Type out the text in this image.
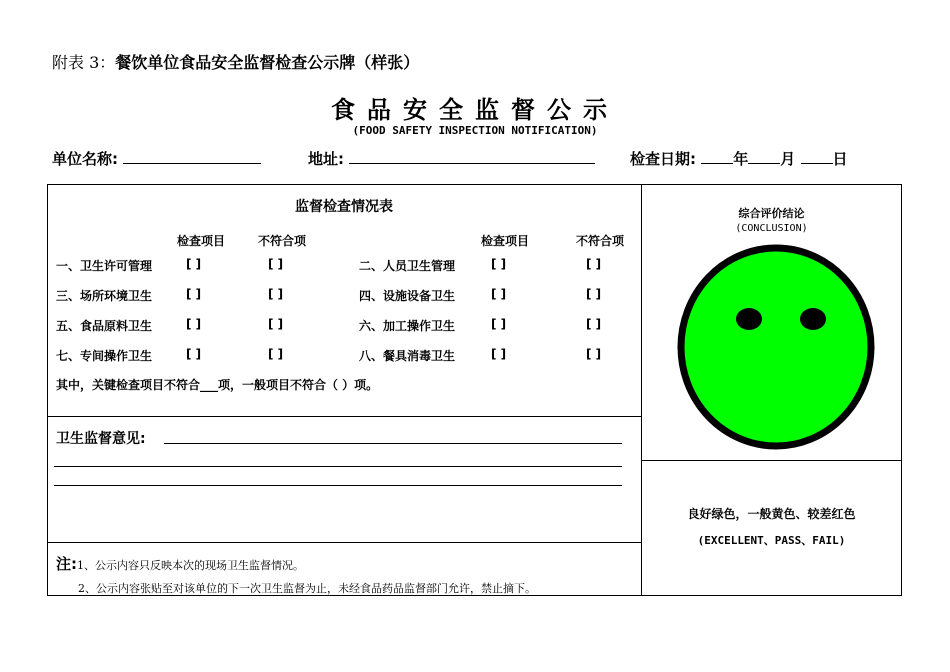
附表 3：餐饮单位食品安全监督检查公示牌（样张）
食品安全监督公示
(FOOD SAFETY INSPECTION NOTIFICATION)
单位名称:	地址:	检查日期: 年 月 日
监督检查情况表
检查项目	不符合项	检查项目	不符合项
一、卫生许可管理	[ ]	[ ]	二、人员卫生管理	[ ]	[ ]
三、场所环境卫生	[ ]	[ ]	四、设施设备卫生	[ ]	[ ]
五、食品原料卫生	[ ]	[ ]	六、加工操作卫生	[ ]	[ ]
七、专间操作卫生	[ ]	[ ]	八、餐具消毒卫生	[ ]	[ ]
其中，关键检查项目不符合___项，一般项目不符合（ ）项。
卫生监督意见:
注:1、公示内容只反映本次的现场卫生监督情况。
2、公示内容张贴至对该单位的下一次卫生监督为止，未经食品药品监督部门允许，禁止摘下。
综合评价结论
(CONCLUSION)
良好绿色，一般黄色、较差红色
(EXCELLENT、PASS、FAIL)
